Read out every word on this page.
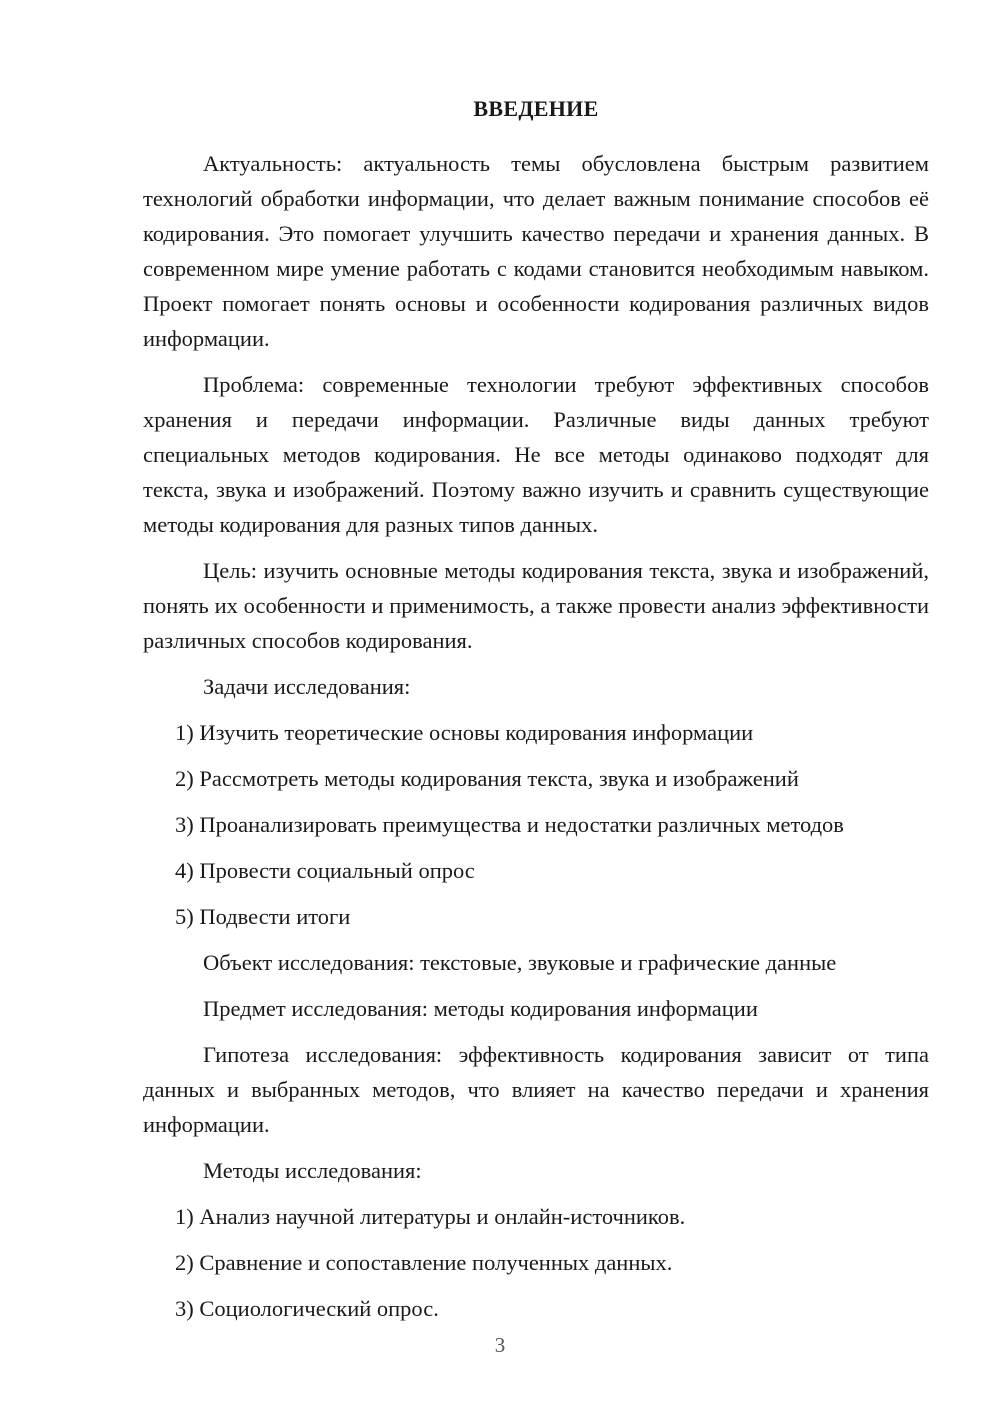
ВВЕДЕНИЕ

Актуальность: актуальность темы обусловлена быстрым развитием технологий обработки информации, что делает важным понимание способов её кодирования. Это помогает улучшить качество передачи и хранения данных. В современном мире умение работать с кодами становится необходимым навыком. Проект помогает понять основы и особенности кодирования различных видов информации.

Проблема: современные технологии требуют эффективных способов хранения и передачи информации. Различные виды данных требуют специальных методов кодирования. Не все методы одинаково подходят для текста, звука и изображений. Поэтому важно изучить и сравнить существующие методы кодирования для разных типов данных.

Цель: изучить основные методы кодирования текста, звука и изображений, понять их особенности и применимость, а также провести анализ эффективности различных способов кодирования.

Задачи исследования:
1) Изучить теоретические основы кодирования информации
2) Рассмотреть методы кодирования текста, звука и изображений
3) Проанализировать преимущества и недостатки различных методов
4) Провести социальный опрос
5) Подвести итоги
Объект исследования: текстовые, звуковые и графические данные
Предмет исследования: методы кодирования информации

Гипотеза исследования: эффективность кодирования зависит от типа данных и выбранных методов, что влияет на качество передачи и хранения информации.

Методы исследования:
1) Анализ научной литературы и онлайн-источников.
2) Сравнение и сопоставление полученных данных.
3) Социологический опрос.
3
